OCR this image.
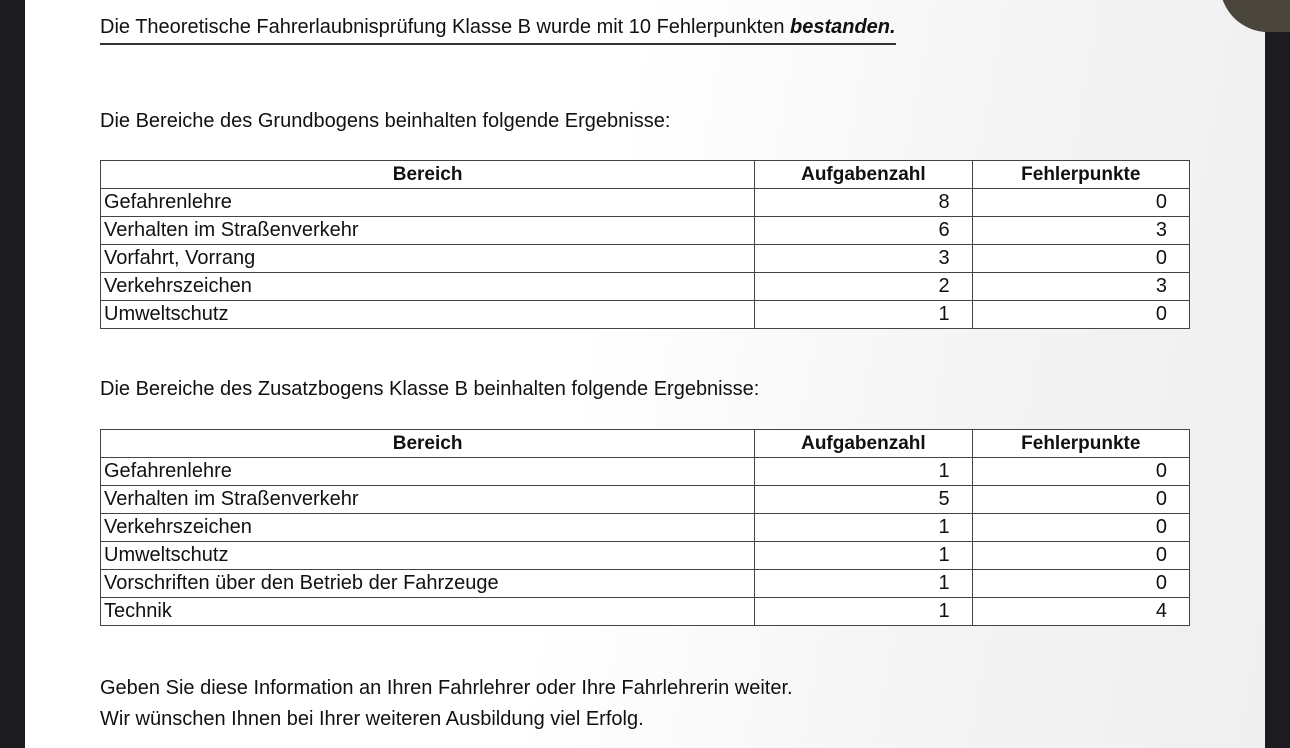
Die Theoretische Fahrerlaubnisprüfung Klasse B wurde mit 10 Fehlerpunkten bestanden.
Die Bereiche des Grundbogens beinhalten folgende Ergebnisse:
Bereich	Aufgabenzahl	Fehlerpunkte
Gefahrenlehre	8	0
Verhalten im Straßenverkehr	6	3
Vorfahrt, Vorrang	3	0
Verkehrszeichen	2	3
Umweltschutz	1	0
Die Bereiche des Zusatzbogens Klasse B beinhalten folgende Ergebnisse:
Bereich	Aufgabenzahl	Fehlerpunkte
Gefahrenlehre	1	0
Verhalten im Straßenverkehr	5	0
Verkehrszeichen	1	0
Umweltschutz	1	0
Vorschriften über den Betrieb der Fahrzeuge	1	0
Technik	1	4
Geben Sie diese Information an Ihren Fahrlehrer oder Ihre Fahrlehrerin weiter.
Wir wünschen Ihnen bei Ihrer weiteren Ausbildung viel Erfolg.
